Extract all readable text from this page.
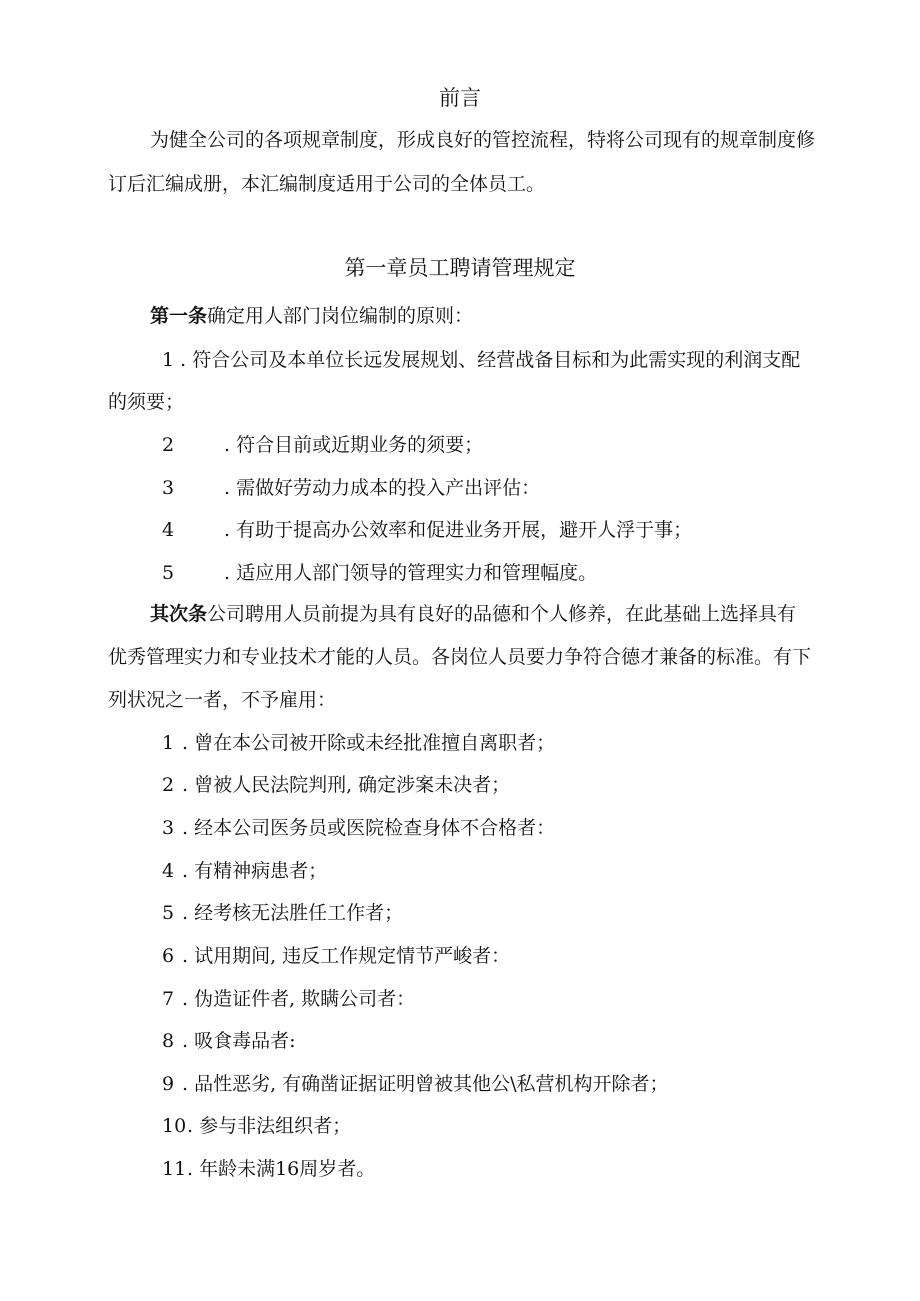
前言
为健全公司的各项规章制度，形成良好的管控流程，特将公司现有的规章制度修
订后汇编成册，本汇编制度适用于公司的全体员工。
第一章员工聘请管理规定
第一条确定用人部门岗位编制的原则：
1 . 符合公司及本单位长远发展规划、经营战备目标和为此需实现的利润支配
的须要；
2	. 符合目前或近期业务的须要；
3	. 需做好劳动力成本的投入产出评估：
4	. 有助于提高办公效率和促进业务开展，避开人浮于事；
5	. 适应用人部门领导的管理实力和管理幅度。
其次条公司聘用人员前提为具有良好的品德和个人修养，在此基础上选择具有
优秀管理实力和专业技术才能的人员。各岗位人员要力争符合德才兼备的标准。有下
列状况之一者，不予雇用：
1 . 曾在本公司被开除或未经批准擅自离职者；
2 . 曾被人民法院判刑, 确定涉案未决者；
3 . 经本公司医务员或医院检查身体不合格者：
4 . 有精神病患者；
5 . 经考核无法胜任工作者；
6 . 试用期间, 违反工作规定情节严峻者：
7 . 伪造证件者, 欺瞒公司者：
8 . 吸食毒品者:
9 . 品性恶劣, 有确凿证据证明曾被其他公\私营机构开除者；
10. 参与非法组织者；
11. 年龄未满16周岁者。
